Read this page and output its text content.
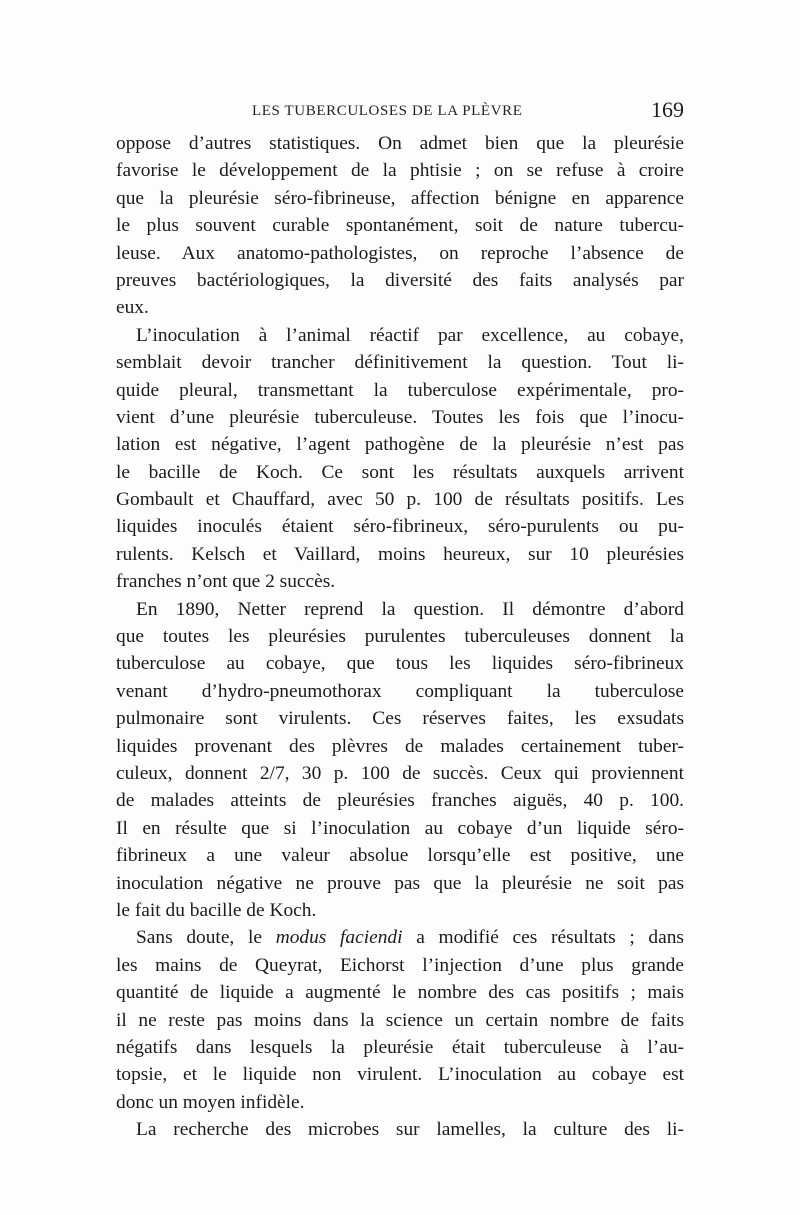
LES TUBERCULOSES DE LA PLÈVRE	169
oppose d’autres statistiques. On admet bien que la pleurésie
favorise le développement de la phtisie ; on se refuse à croire
que la pleurésie séro-fibrineuse, affection bénigne en apparence
le plus souvent curable spontanément, soit de nature tubercu-
leuse. Aux anatomo-pathologistes, on reproche l’absence de
preuves bactériologiques, la diversité des faits analysés par
eux.
L’inoculation à l’animal réactif par excellence, au cobaye,
semblait devoir trancher définitivement la question. Tout li-
quide pleural, transmettant la tuberculose expérimentale, pro-
vient d’une pleurésie tuberculeuse. Toutes les fois que l’inocu-
lation est négative, l’agent pathogène de la pleurésie n’est pas
le bacille de Koch. Ce sont les résultats auxquels arrivent
Gombault et Chauffard, avec 50 p. 100 de résultats positifs. Les
liquides inoculés étaient séro-fibrineux, séro-purulents ou pu-
rulents. Kelsch et Vaillard, moins heureux, sur 10 pleurésies
franches n’ont que 2 succès.
En 1890, Netter reprend la question. Il démontre d’abord
que toutes les pleurésies purulentes tuberculeuses donnent la
tuberculose au cobaye, que tous les liquides séro-fibrineux
venant d’hydro-pneumothorax compliquant la tuberculose
pulmonaire sont virulents. Ces réserves faites, les exsudats
liquides provenant des plèvres de malades certainement tuber-
culeux, donnent 2/7, 30 p. 100 de succès. Ceux qui proviennent
de malades atteints de pleurésies franches aiguës, 40 p. 100.
Il en résulte que si l’inoculation au cobaye d’un liquide séro-
fibrineux a une valeur absolue lorsqu’elle est positive, une
inoculation négative ne prouve pas que la pleurésie ne soit pas
le fait du bacille de Koch.
Sans doute, le modus faciendi a modifié ces résultats ; dans
les mains de Queyrat, Eichorst l’injection d’une plus grande
quantité de liquide a augmenté le nombre des cas positifs ; mais
il ne reste pas moins dans la science un certain nombre de faits
négatifs dans lesquels la pleurésie était tuberculeuse à l’au-
topsie, et le liquide non virulent. L’inoculation au cobaye est
donc un moyen infidèle.
La recherche des microbes sur lamelles, la culture des li-
